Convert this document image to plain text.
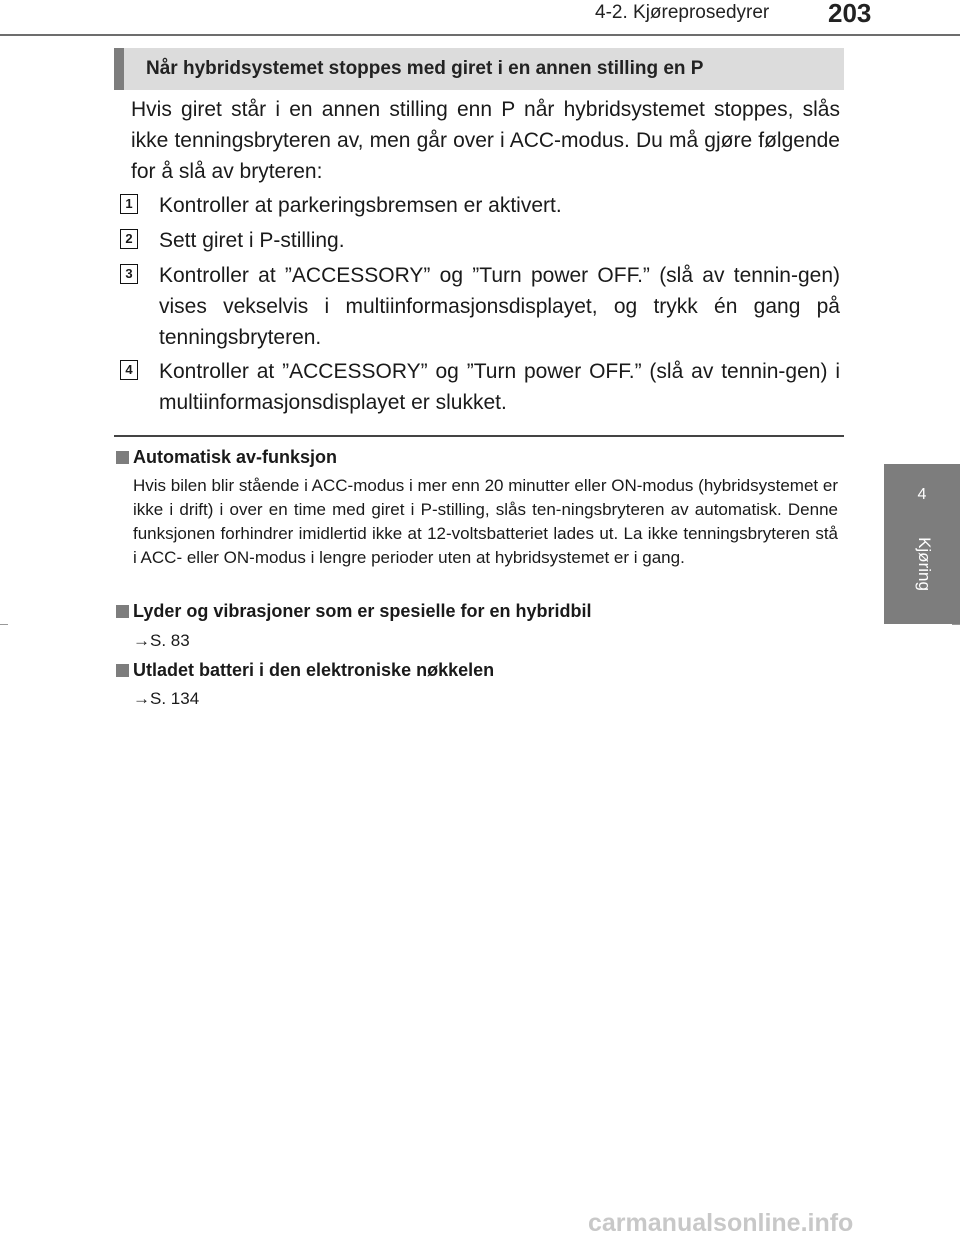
4-2. Kjøreprosedyrer 203
4
Kjøring
Når hybridsystemet stoppes med giret i en annen stilling en P

Hvis giret står i en annen stilling enn P når hybridsystemet stoppes, slås ikke tenningsbryteren av, men går over i ACC-modus. Du må gjøre følgende for å slå av bryteren:

1 Kontroller at parkeringsbremsen er aktivert.

2 Sett giret i P-stilling.

3 Kontroller at ”ACCESSORY” og ”Turn power OFF.” (slå av tennin-gen) vises vekselvis i multiinformasjonsdisplayet, og trykk én gang på tenningsbryteren.

4 Kontroller at ”ACCESSORY” og ”Turn power OFF.” (slå av tennin-gen) i multiinformasjonsdisplayet er slukket.

Automatisk av-funksjon

Hvis bilen blir stående i ACC-modus i mer enn 20 minutter eller ON-modus (hybridsystemet er ikke i drift) i over en time med giret i P-stilling, slås ten-ningsbryteren av automatisk. Denne funksjonen forhindrer imidlertid ikke at 12-voltsbatteriet lades ut. La ikke tenningsbryteren stå i ACC- eller ON-modus i lengre perioder uten at hybridsystemet er i gang.

Lyder og vibrasjoner som er spesielle for en hybridbil

→S. 83

Utladet batteri i den elektroniske nøkkelen

→S. 134

carmanualsonline.info
